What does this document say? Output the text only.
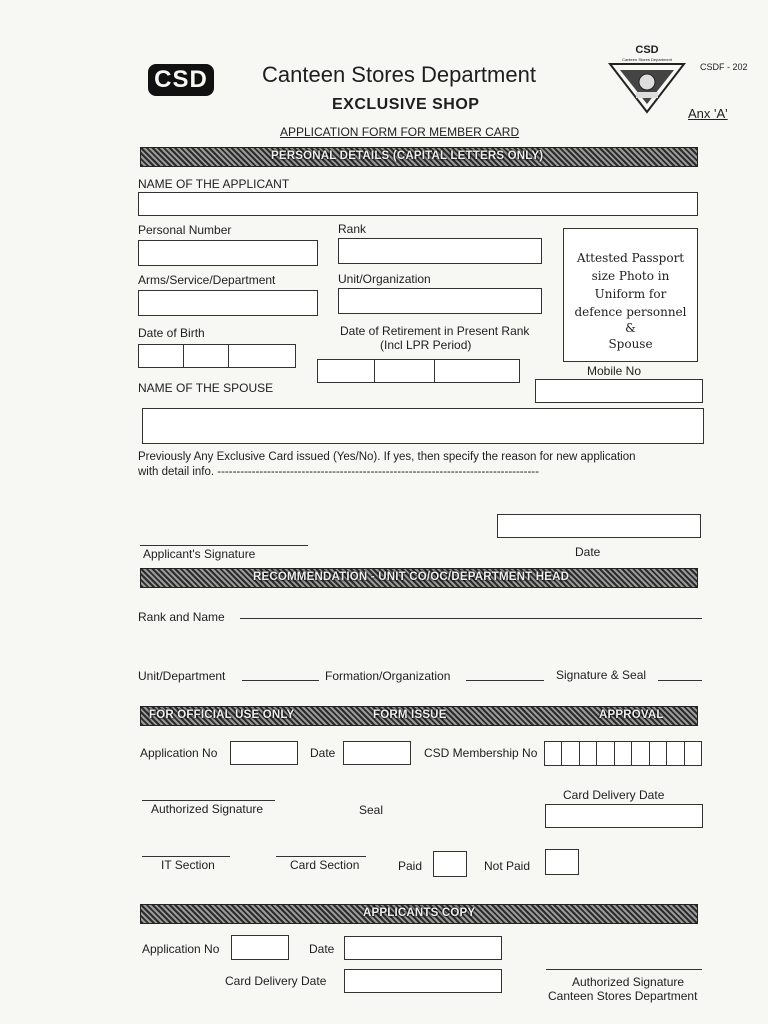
CSD Canteen Stores Department
EXCLUSIVE SHOP
APPLICATION FORM FOR MEMBER CARD
CSDF - 202
Anx 'A'
CSD
Canteen Stores Department
PERSONAL DETAILS (CAPITAL LETTERS ONLY)
NAME OF THE APPLICANT
Personal Number	Rank
Arms/Service/Department	Unit/Organization
Attested Passport
size Photo in
Uniform for
defence personnel
&
Spouse
Date of Birth	Date of Retirement in Present Rank
(Incl LPR Period)
Mobile No
NAME OF THE SPOUSE
Previously Any Exclusive Card issued (Yes/No). If yes, then specify the reason for new application
with detail info. ------------------------------------------------------------------------------------
Applicant's Signature	Date
RECOMMENDATION - UNIT CO/OC/DEPARTMENT HEAD
Rank and Name
Unit/Department	Formation/Organization	Signature & Seal
FOR OFFICIAL USE ONLY	FORM ISSUE	APPROVAL
Application No	Date	CSD Membership No
Card Delivery Date
Authorized Signature	Seal
IT Section	Card Section	Paid	Not Paid
APPLICANTS COPY
Application No	Date
Card Delivery Date	Authorized Signature
Canteen Stores Department
